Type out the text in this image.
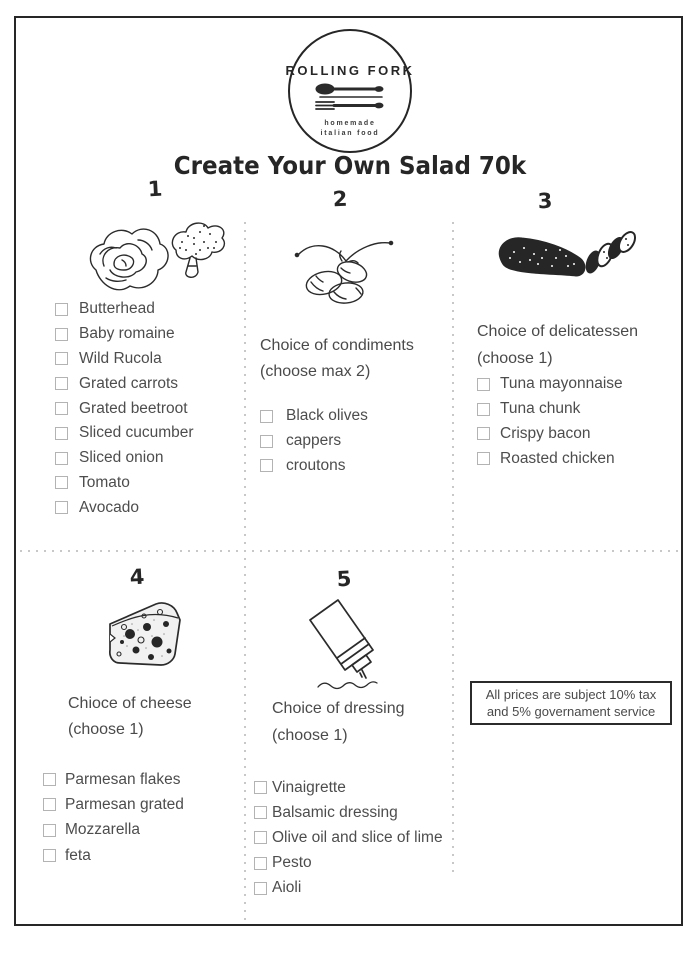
ROLLING FORK
homemade
italian food
Create Your Own Salad 70k
1
Butterhead
Baby romaine
Wild Rucola
Grated carrots
Grated beetroot
Sliced cucumber
Sliced onion
Tomato
Avocado
2
Choice of condiments
(choose max 2)
Black olives
cappers
croutons
3
Choice of delicatessen
(choose 1)
Tuna mayonnaise
Tuna chunk
Crispy bacon
Roasted chicken
4
Chioce of cheese
(choose 1)
Parmesan flakes
Parmesan grated
Mozzarella
feta
5
Choice of dressing
(choose 1)
Vinaigrette
Balsamic dressing
Olive oil and slice of lime
Pesto
Aioli
All prices are subject 10% tax
and 5% governament service
